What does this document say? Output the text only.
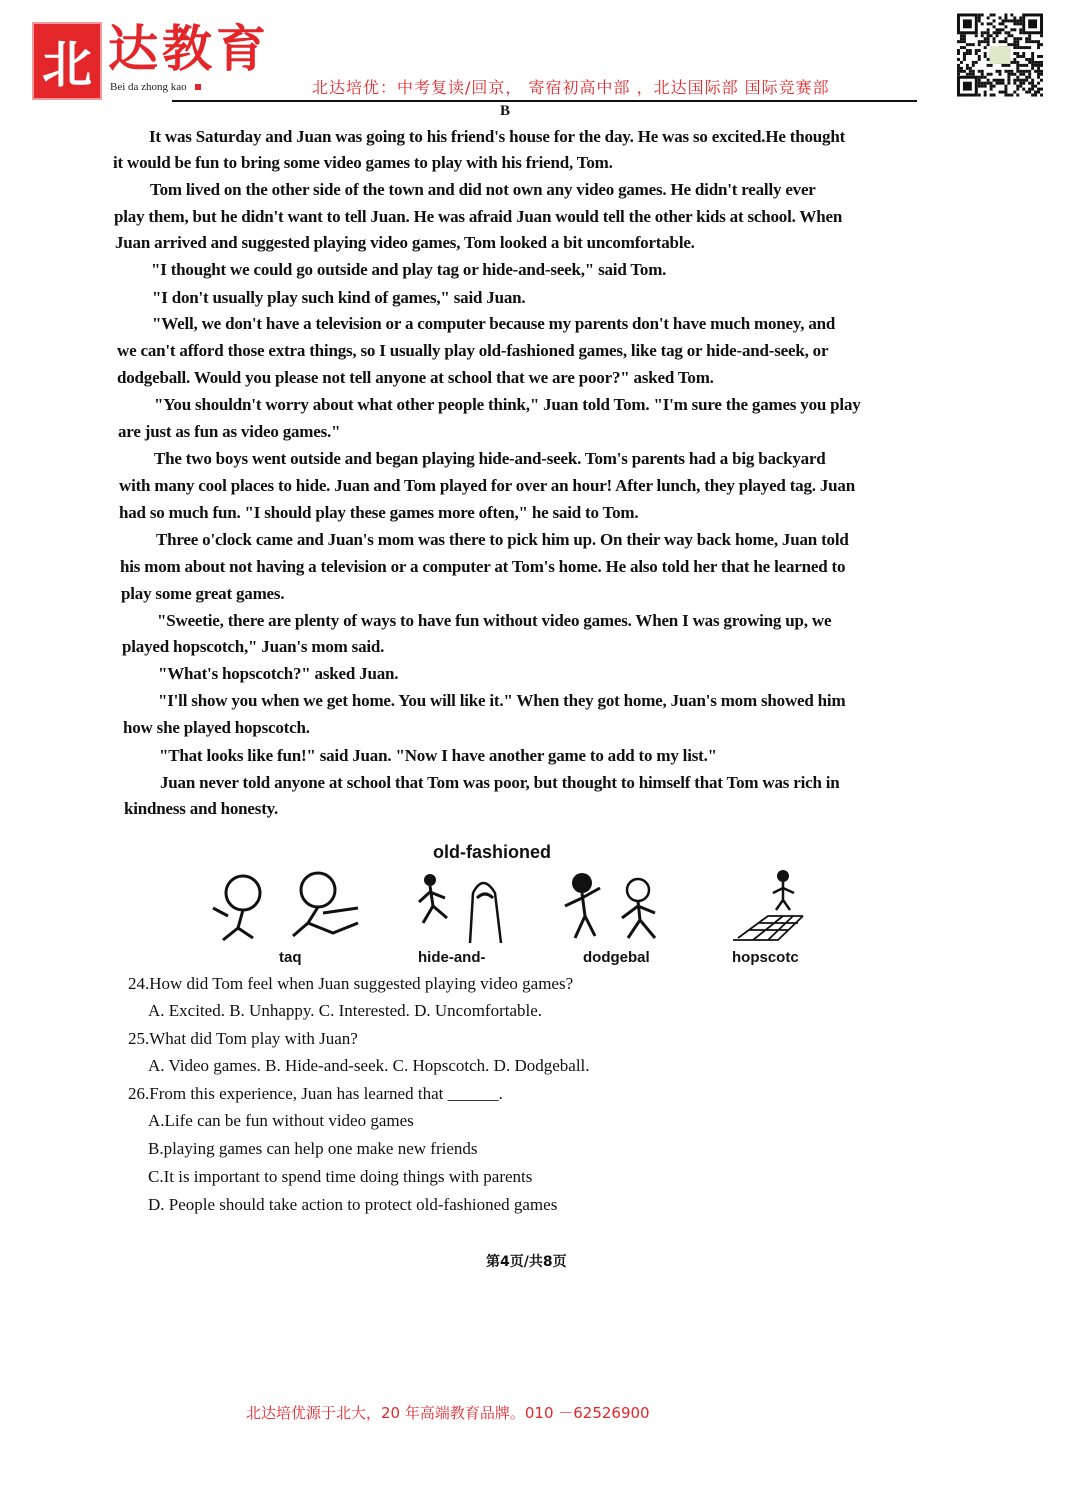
北 达教育
Bei da zhong kao	北达培优：中考复读/回京， 寄宿初高中部 ，北达国际部 国际竞赛部
B
It was Saturday and Juan was going to his friend's house for the day. He was so excited.He thought
it would be fun to bring some video games to play with his friend, Tom.
Tom lived on the other side of the town and did not own any video games. He didn't really ever
play them, but he didn't want to tell Juan. He was afraid Juan would tell the other kids at school. When
Juan arrived and suggested playing video games, Tom looked a bit uncomfortable.
"I thought we could go outside and play tag or hide-and-seek," said Tom.
"I don't usually play such kind of games," said Juan.
"Well, we don't have a television or a computer because my parents don't have much money, and
we can't afford those extra things, so I usually play old-fashioned games, like tag or hide-and-seek, or
dodgeball. Would you please not tell anyone at school that we are poor?" asked Tom.
"You shouldn't worry about what other people think," Juan told Tom. "I'm sure the games you play
are just as fun as video games."
The two boys went outside and began playing hide-and-seek. Tom's parents had a big backyard
with many cool places to hide. Juan and Tom played for over an hour! After lunch, they played tag. Juan
had so much fun. "I should play these games more often," he said to Tom.
Three o'clock came and Juan's mom was there to pick him up. On their way back home, Juan told
his mom about not having a television or a computer at Tom's home. He also told her that he learned to
play some great games.
"Sweetie, there are plenty of ways to have fun without video games. When I was growing up, we
played hopscotch," Juan's mom said.
"What's hopscotch?" asked Juan.
"I'll show you when we get home. You will like it." When they got home, Juan's mom showed him
how she played hopscotch.
"That looks like fun!" said Juan. "Now I have another game to add to my list."
Juan never told anyone at school that Tom was poor, but thought to himself that Tom was rich in
kindness and honesty.
old-fashioned
taq	hide-and-	dodgebal	hopscotc
24.How did Tom feel when Juan suggested playing video games?
A. Excited. B. Unhappy. C. Interested. D. Uncomfortable.
25.What did Tom play with Juan?
A. Video games. B. Hide-and-seek. C. Hopscotch. D. Dodgeball.
26.From this experience, Juan has learned that ______.
A.Life can be fun without video games
B.playing games can help one make new friends
C.It is important to spend time doing things with parents
D. People should take action to protect old-fashioned games
第4页/共8页
北达培优源于北大，20 年高端教育品牌。010 －62526900
